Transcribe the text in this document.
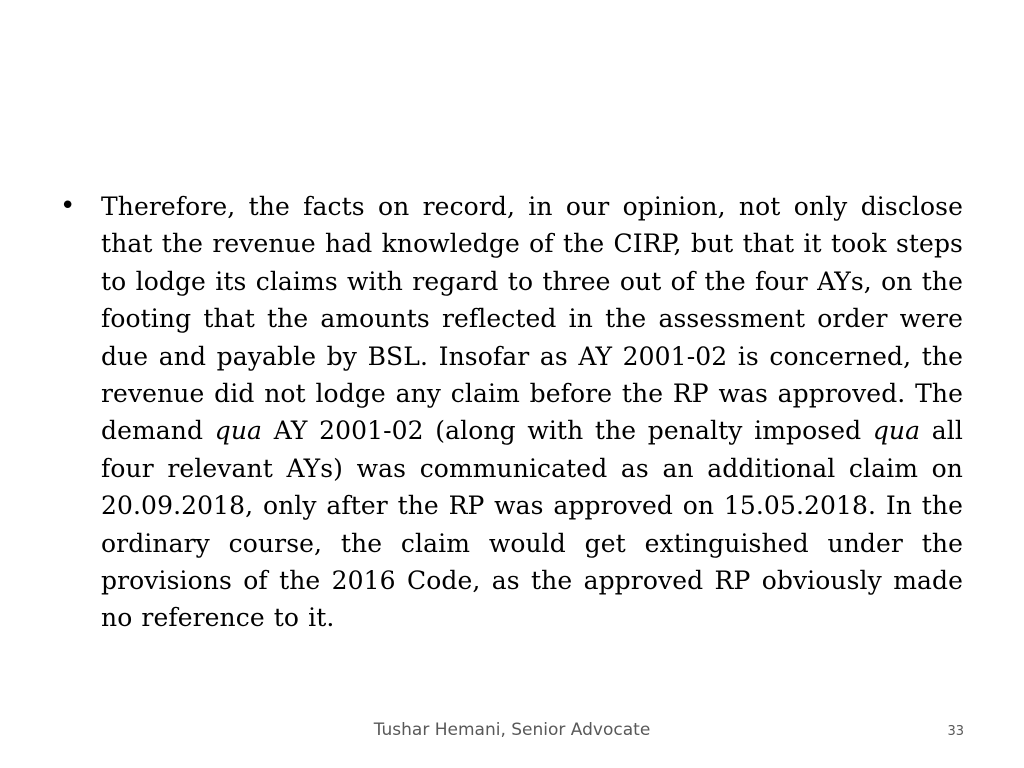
• Therefore, the facts on record, in our opinion, not only disclose that the revenue had knowledge of the CIRP, but that it took steps to lodge its claims with regard to three out of the four AYs, on the footing that the amounts reflected in the assessment order were due and payable by BSL. Insofar as AY 2001-02 is concerned, the revenue did not lodge any claim before the RP was approved. The demand qua AY 2001-02 (along with the penalty imposed qua all four relevant AYs) was communicated as an additional claim on 20.09.2018, only after the RP was approved on 15.05.2018. In the ordinary course, the claim would get extinguished under the provisions of the 2016 Code, as the approved RP obviously made no reference to it.
Tushar Hemani, Senior Advocate	33
